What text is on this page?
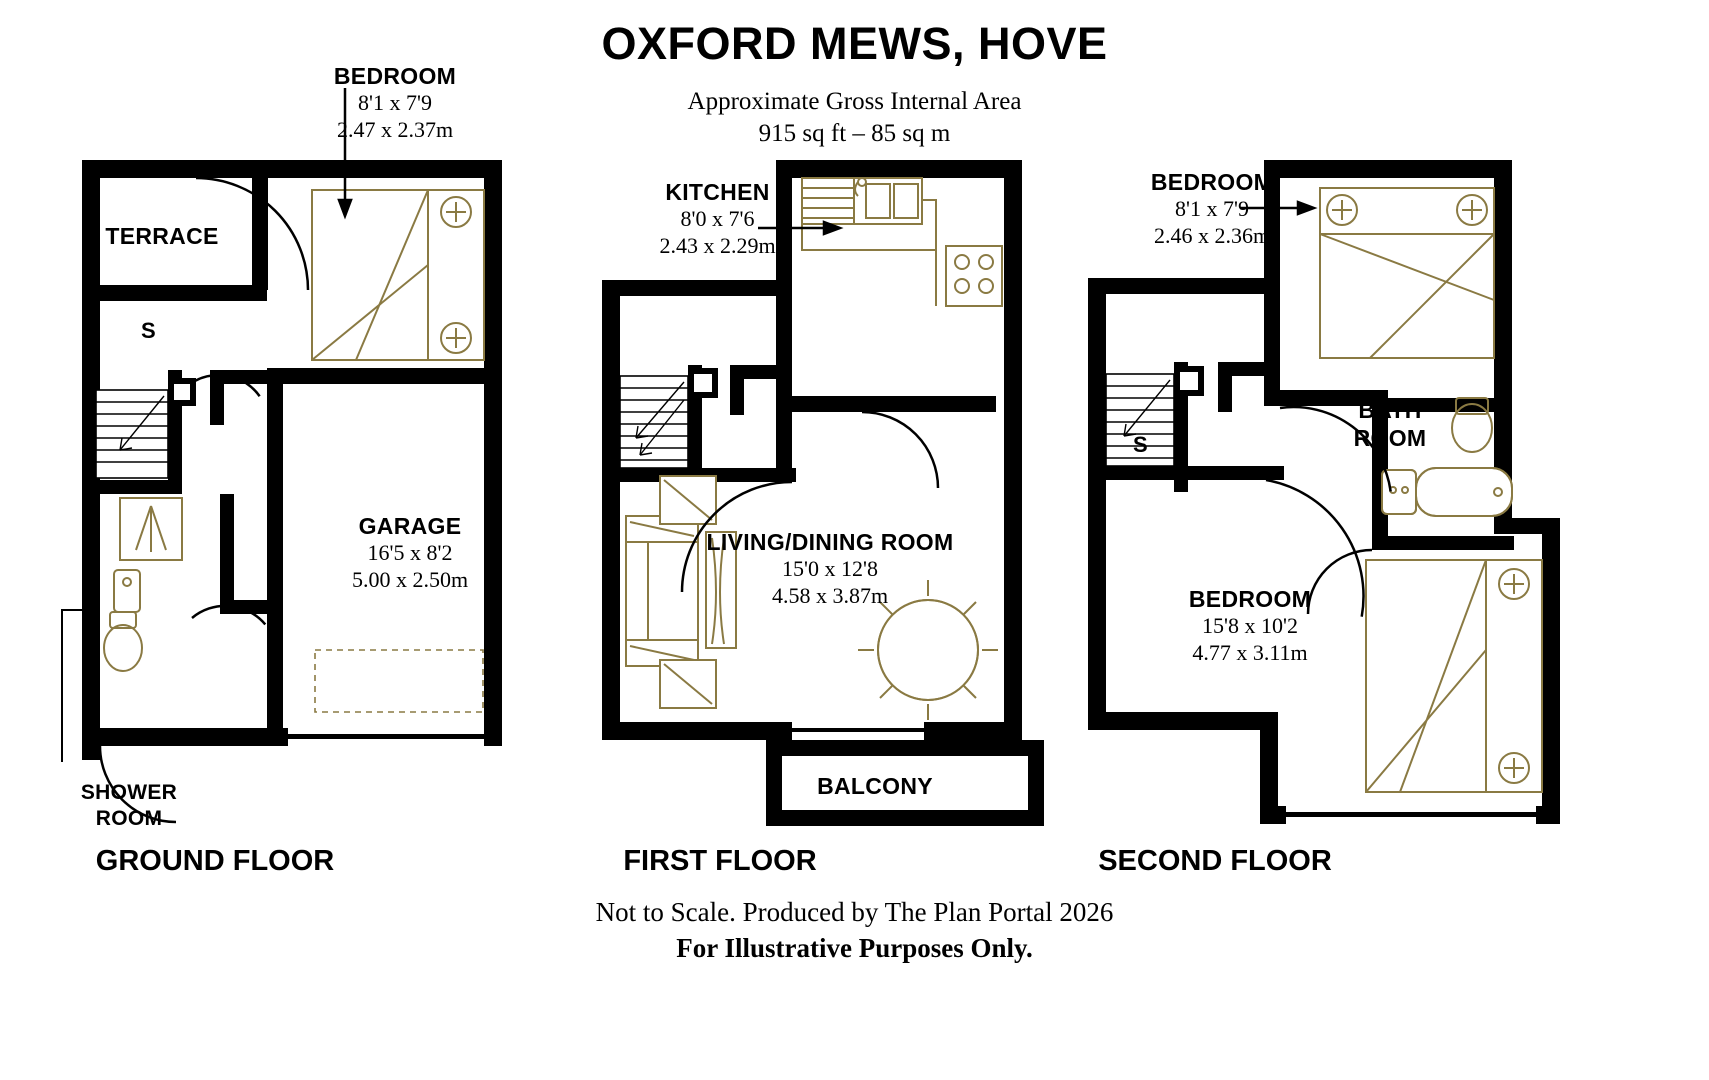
OXFORD MEWS, HOVE
Approximate Gross Internal Area
915 sq ft – 85 sq m
BEDROOM
8'1 x 7'9
2.47 x 2.37m
TERRACE
S
GARAGE
16'5 x 8'2
5.00 x 2.50m
SHOWER
ROOM
GROUND FLOOR
KITCHEN
8'0 x 7'6
2.43 x 2.29m
LIVING/DINING ROOM
15'0 x 12'8
4.58 x 3.87m
BALCONY
FIRST FLOOR
BEDROOM
8'1 x 7'9
2.46 x 2.36m
S
BATH
ROOM
BEDROOM
15'8 x 10'2
4.77 x 3.11m
SECOND FLOOR
Not to Scale. Produced by The Plan Portal 2026
For Illustrative Purposes Only.
